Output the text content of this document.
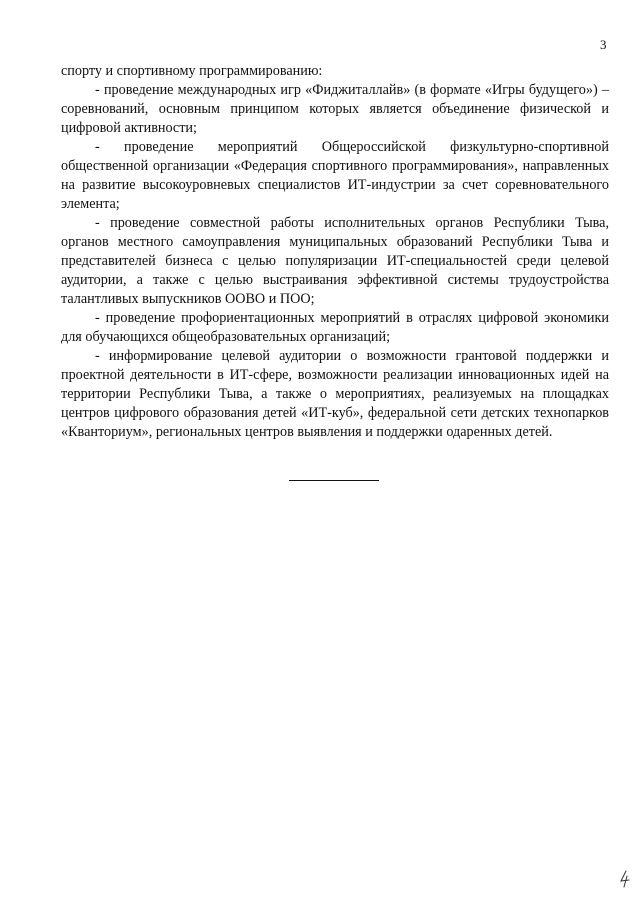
3

спорту и спортивному программированию:

- проведение международных игр «Фиджиталлайв» (в формате «Игры будущего») – соревнований, основным принципом которых является объединение физической и цифровой активности;

- проведение мероприятий Общероссийской физкультурно-спортивной общественной организации «Федерация спортивного программирования», направленных на развитие высокоуровневых специалистов ИТ-индустрии за счет соревновательного элемента;

- проведение совместной работы исполнительных органов Республики Тыва, органов местного самоуправления муниципальных образований Республики Тыва и представителей бизнеса с целью популяризации ИТ-специальностей среди целевой аудитории, а также с целью выстраивания эффективной системы трудоустройства талантливых выпускников ООВО и ПОО;

- проведение профориентационных мероприятий в отраслях цифровой экономики для обучающихся общеобразовательных организаций;

- информирование целевой аудитории о возможности грантовой поддержки и проектной деятельности в ИТ-сфере, возможности реализации инновационных идей на территории Республики Тыва, а также о мероприятиях, реализуемых на площадках центров цифрового образования детей «ИТ-куб», федеральной сети детских технопарков «Кванториум», региональных центров выявления и поддержки одаренных детей.
